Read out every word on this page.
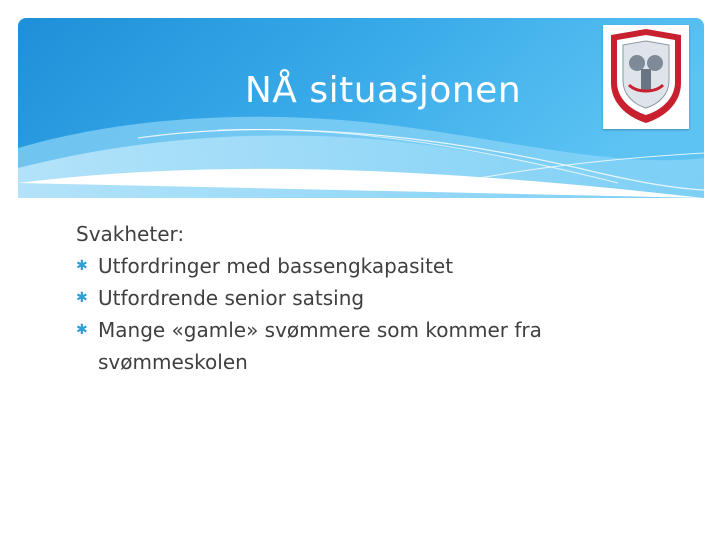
NÅ situasjonen
Svakheter:
✱ Utfordringer med bassengkapasitet
✱ Utfordrende senior satsing
✱ Mange «gamle» svømmere som kommer fra svømmeskolen
